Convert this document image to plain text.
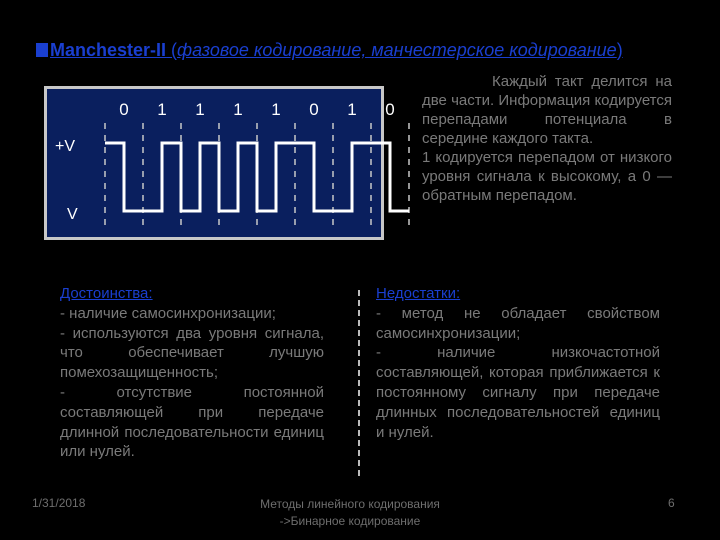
Manchester-II (фазовое кодирование, манчестерское кодирование)
0 1 1 1 1 0 1 0
+V
V
Каждый такт делится на две части. Информация кодируется перепадами потенциала в середине каждого такта.
1 кодируется перепадом от низкого уровня сигнала к высокому, а 0 — обратным перепадом.
Достоинства:
- наличие самосинхронизации;
- используются два уровня сигнала, что обеспечивает лучшую помехозащищенность;
- отсутствие постоянной составляющей при передаче длинной последовательности единиц или нулей.
Недостатки:
- метод не обладает свойством самосинхронизации;
- наличие низкочастотной составляющей, которая приближается к постоянному сигналу при передаче длинных последовательностей единиц и нулей.
1/31/2018	Методы линейного кодирования
->Бинарное кодирование
6
